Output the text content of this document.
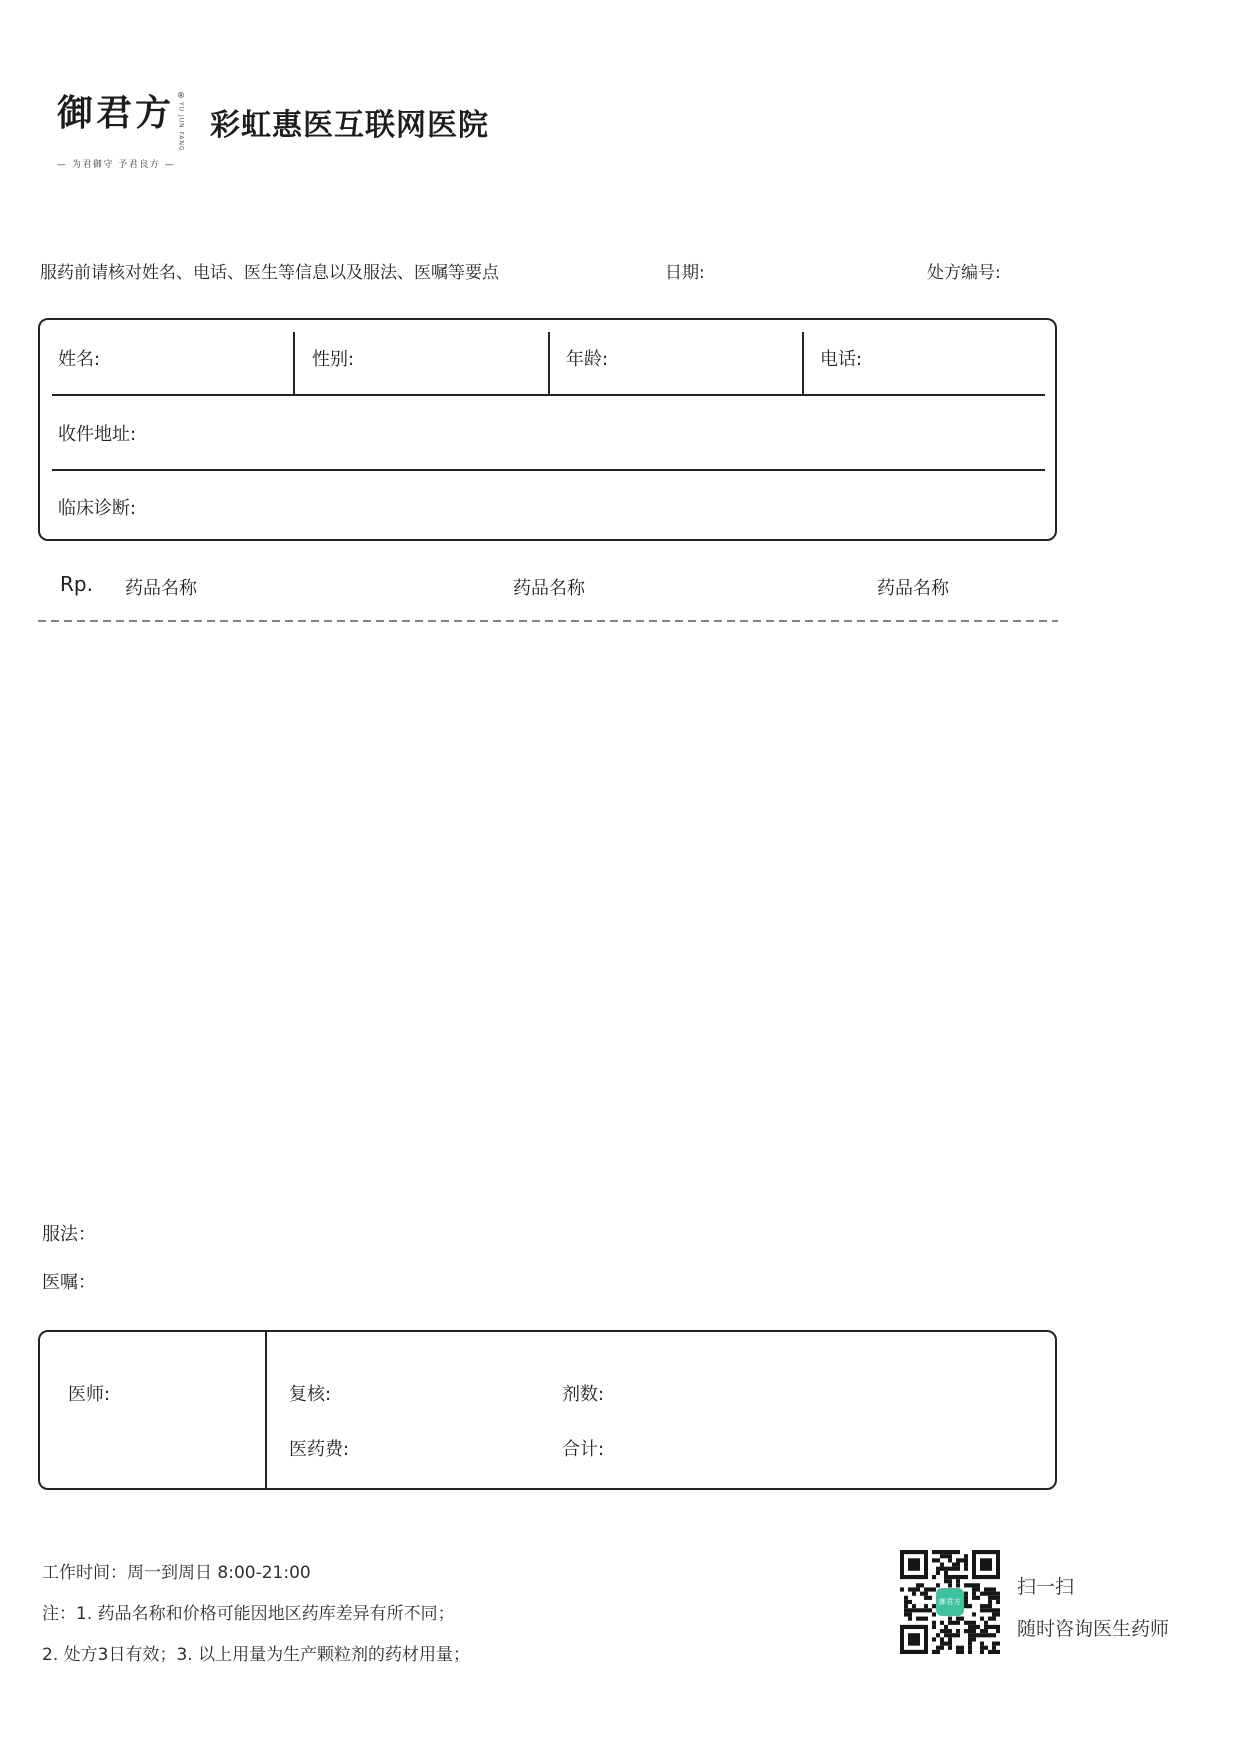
御君方 ®
YU JUN FANG
— 为君御守 予君良方 —
彩虹惠医互联网医院
服药前请核对姓名、电话、医生等信息以及服法、医嘱等要点	日期:	处方编号:
姓名:	性别:	年龄:	电话:
收件地址:
临床诊断:
Rp. 药品名称	药品名称	药品名称
服法：
医嘱：
医师:	复核:	剂数:
医药费:	合计:
工作时间：周一到周日 8:00-21:00
注：1. 药品名称和价格可能因地区药库差异有所不同；
2. 处方3日有效；3. 以上用量为生产颗粒剂的药材用量；
御君方
扫一扫
随时咨询医生药师
